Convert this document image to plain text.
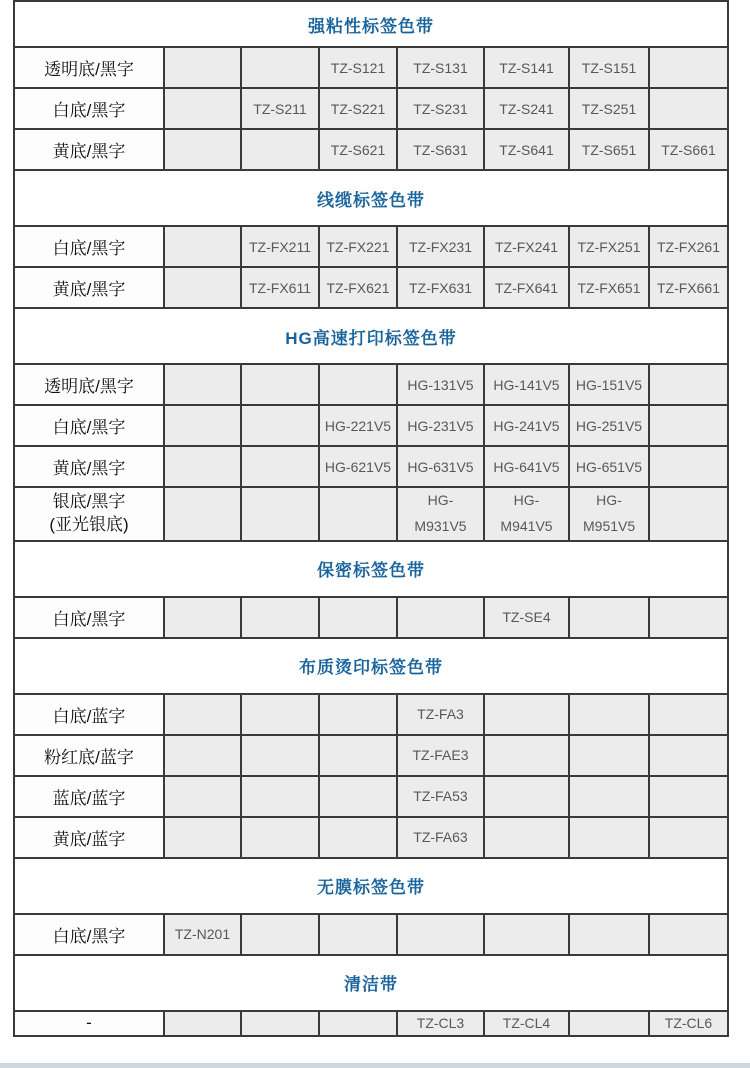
强粘性标签色带							
透明底/黑字			TZ-S121	TZ-S131	TZ-S141	TZ-S151	
白底/黑字		TZ-S211	TZ-S221	TZ-S231	TZ-S241	TZ-S251	
黄底/黑字			TZ-S621	TZ-S631	TZ-S641	TZ-S651	TZ-S661
线缆标签色带							
白底/黑字		TZ-FX211	TZ-FX221	TZ-FX231	TZ-FX241	TZ-FX251	TZ-FX261
黄底/黑字		TZ-FX611	TZ-FX621	TZ-FX631	TZ-FX641	TZ-FX651	TZ-FX661
HG高速打印标签色带							
透明底/黑字				HG-131V5	HG-141V5	HG-151V5	
白底/黑字			HG-221V5	HG-231V5	HG-241V5	HG-251V5	
黄底/黑字			HG-621V5	HG-631V5	HG-641V5	HG-651V5	

银底/黑字
(亚光银底)				HG-M931V5	HG-M941V5	HG-M951V5	
保密标签色带							
白底/黑字					TZ-SE4		
布质烫印标签色带							
白底/蓝字				TZ-FA3			
粉红底/蓝字				TZ-FAE3			
蓝底/蓝字				TZ-FA53			
黄底/蓝字				TZ-FA63			
无膜标签色带							
白底/黑字	TZ-N201						
清洁带							
-				TZ-CL3	TZ-CL4		TZ-CL6
